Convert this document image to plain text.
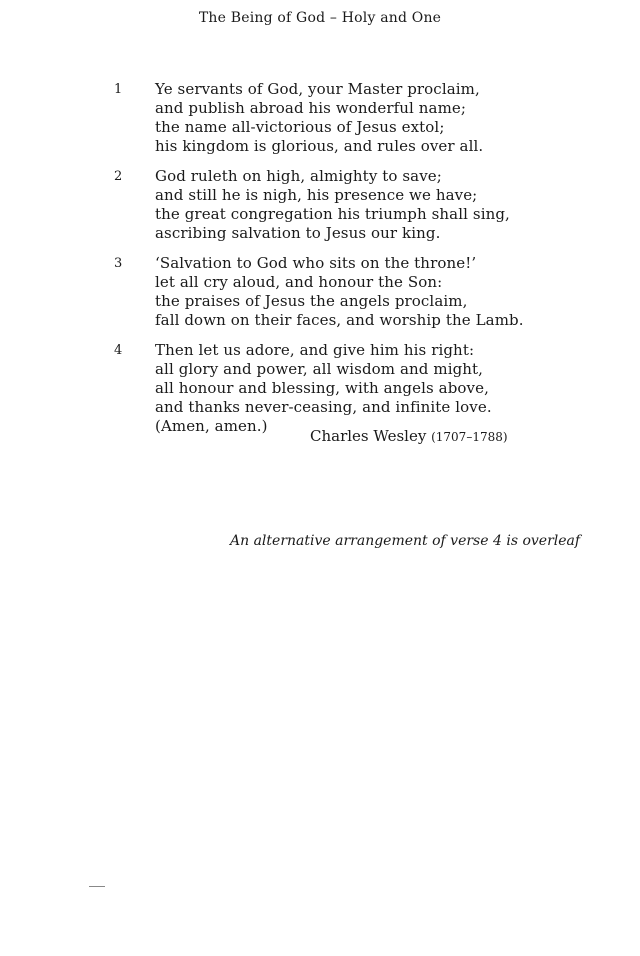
The Being of God – Holy and One
1	Ye servants of God, your Master proclaim,
and publish abroad his wonderful name;
the name all-victorious of Jesus extol;
his kingdom is glorious, and rules over all.
2	God ruleth on high, almighty to save;
and still he is nigh, his presence we have;
the great congregation his triumph shall sing,
ascribing salvation to Jesus our king.
3	‘Salvation to God who sits on the throne!’
let all cry aloud, and honour the Son:
the praises of Jesus the angels proclaim,
fall down on their faces, and worship the Lamb.
4	Then let us adore, and give him his right:
all glory and power, all wisdom and might,
all honour and blessing, with angels above,
and thanks never-ceasing, and infinite love.
(Amen, amen.)
Charles Wesley (1707–1788)
An alternative arrangement of verse 4 is overleaf
